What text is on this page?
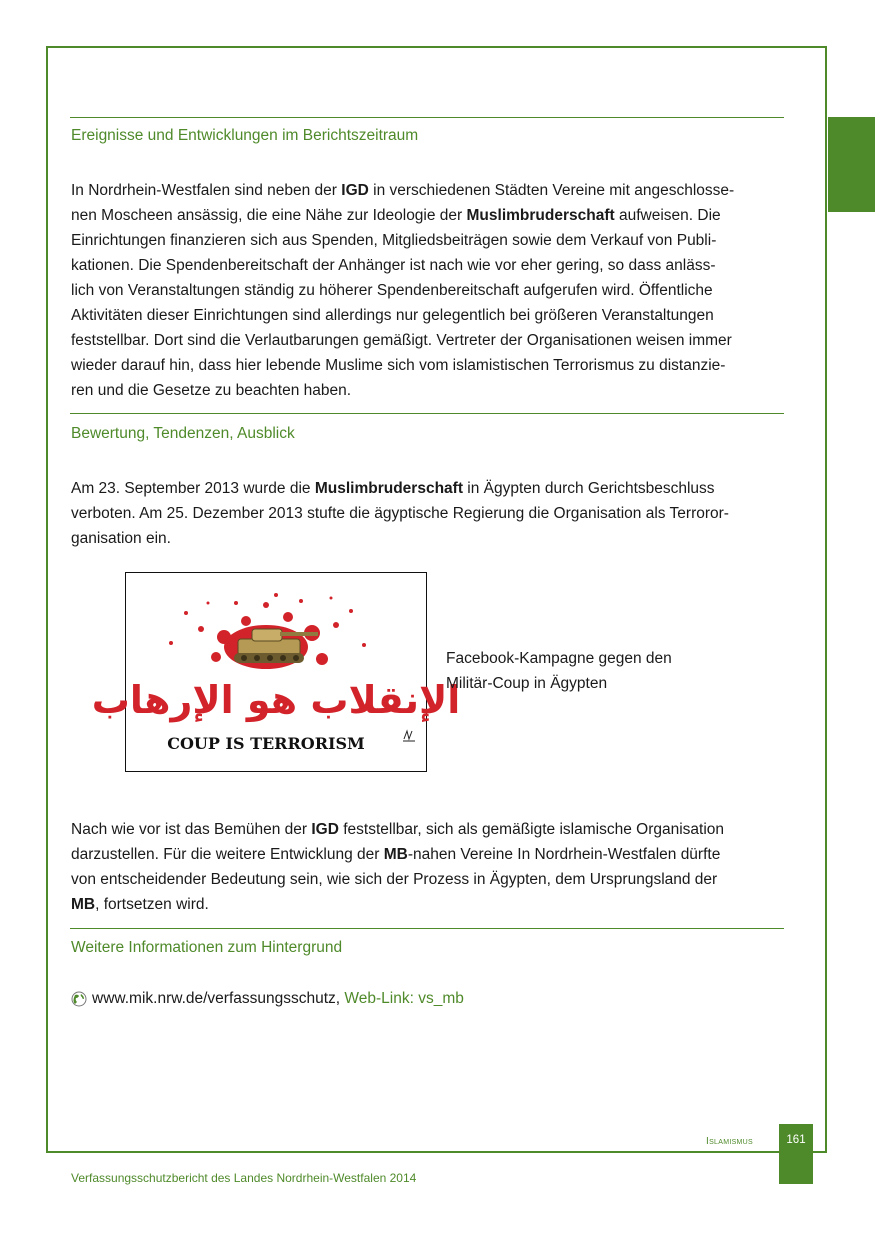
Ereignisse und Entwicklungen im Berichtszeitraum
In Nordrhein-Westfalen sind neben der IGD in verschiedenen Städten Vereine mit angeschlosse-
nen Moscheen ansässig, die eine Nähe zur Ideologie der Muslimbruderschaft aufweisen. Die
Einrichtungen finanzieren sich aus Spenden, Mitgliedsbeiträgen sowie dem Verkauf von Publi-
kationen. Die Spendenbereitschaft der Anhänger ist nach wie vor eher gering, so dass anläss-
lich von Veranstaltungen ständig zu höherer Spendenbereitschaft aufgerufen wird. Öffentliche
Aktivitäten dieser Einrichtungen sind allerdings nur gelegentlich bei größeren Veranstaltungen
feststellbar. Dort sind die Verlautbarungen gemäßigt. Vertreter der Organisationen weisen immer
wieder darauf hin, dass hier lebende Muslime sich vom islamistischen Terrorismus zu distanzie-
ren und die Gesetze zu beachten haben.
Bewertung, Tendenzen, Ausblick
Am 23. September 2013 wurde die Muslimbruderschaft in Ägypten durch Gerichtsbeschluss
verboten. Am 25. Dezember 2013 stufte die ägyptische Regierung die Organisation als Terroror-
ganisation ein.
الإنقلاب هو الإرهاب
COUP IS TERRORISM
Facebook-Kampagne gegen den
Militär-Coup in Ägypten
Nach wie vor ist das Bemühen der IGD feststellbar, sich als gemäßigte islamische Organisation
darzustellen. Für die weitere Entwicklung der MB-nahen Vereine In Nordrhein-Westfalen dürfte
von entscheidender Bedeutung sein, wie sich der Prozess in Ägypten, dem Ursprungsland der
MB, fortsetzen wird.
Weitere Informationen zum Hintergrund
www.mik.nrw.de/verfassungsschutz,
Web-Link: vs_mb
Islamismus	161
Verfassungsschutzbericht des Landes Nordrhein-Westfalen 2014
